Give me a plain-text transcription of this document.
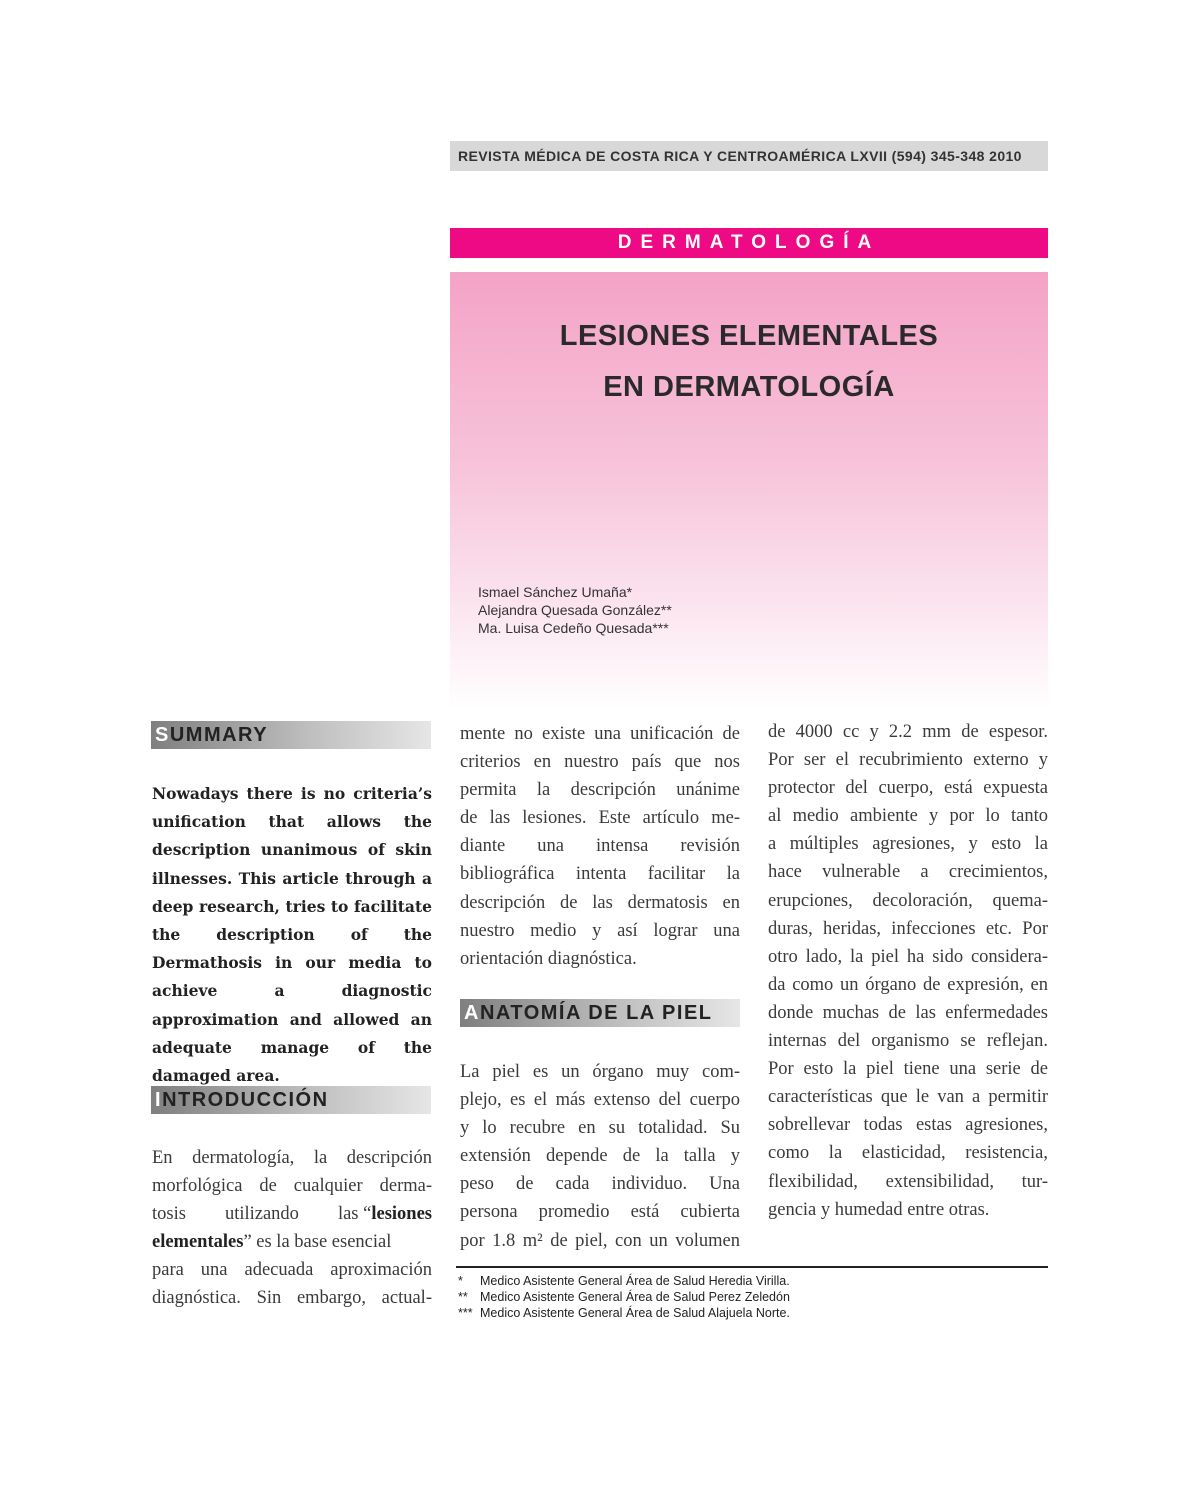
REVISTA MÉDICA DE COSTA RICA Y CENTROAMÉRICA LXVII (594) 345-348 2010
DERMATOLOGÍA
LESIONES ELEMENTALES
EN DERMATOLOGÍA
Ismael Sánchez Umaña*
Alejandra Quesada González**
Ma. Luisa Cedeño Quesada***
SUMMARY
Nowadays there is no criteria’s unification that allows the description unanimous of skin illnesses. This article through a deep research, tries to facilitate the description of the Dermathosis in our media to achieve a diagnostic approximation and allowed an adequate manage of the damaged area.
INTRODUCCIÓN
En dermatología, la descripción
morfológica de cualquier derma-
tosis utilizando las “lesiones
elementales” es la base esencial
para una adecuada aproximación
diagnóstica. Sin embargo, actual-
mente no existe una unificación de
criterios en nuestro país que nos
permita la descripción unánime
de las lesiones. Este artículo me-
diante una intensa revisión
bibliográfica intenta facilitar la
descripción de las dermatosis en
nuestro medio y así lograr una
orientación diagnóstica.
ANATOMÍA DE LA PIEL
La piel es un órgano muy com-
plejo, es el más extenso del cuerpo
y lo recubre en su totalidad. Su
extensión depende de la talla y
peso de cada individuo. Una
persona promedio está cubierta
por 1.8 m² de piel, con un volumen
de 4000 cc y 2.2 mm de espesor.
Por ser el recubrimiento externo y
protector del cuerpo, está expuesta
al medio ambiente y por lo tanto
a múltiples agresiones, y esto la
hace vulnerable a crecimientos,
erupciones, decoloración, quema-
duras, heridas, infecciones etc. Por
otro lado, la piel ha sido considera-
da como un órgano de expresión, en
donde muchas de las enfermedades
internas del organismo se reflejan.
Por esto la piel tiene una serie de
características que le van a permitir
sobrellevar todas estas agresiones,
como la elasticidad, resistencia,
flexibilidad, extensibilidad, tur-
gencia y humedad entre otras.
* Medico Asistente General Área de Salud Heredia Virilla.
** Medico Asistente General Área de Salud Perez Zeledón
*** Medico Asistente General Área de Salud Alajuela Norte.
